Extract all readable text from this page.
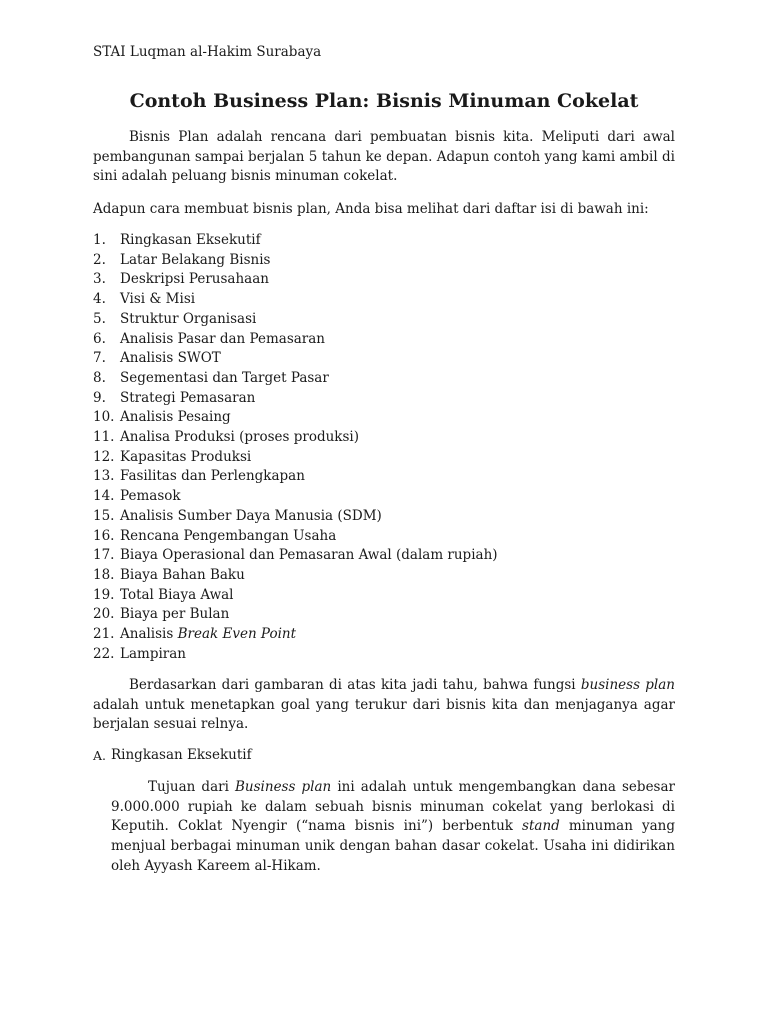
STAI Luqman al-Hakim Surabaya
Contoh Business Plan: Bisnis Minuman Cokelat
Bisnis Plan adalah rencana dari pembuatan bisnis kita. Meliputi dari awal pembangunan sampai berjalan 5 tahun ke depan. Adapun contoh yang kami ambil di sini adalah peluang bisnis minuman cokelat.
Adapun cara membuat bisnis plan, Anda bisa melihat dari daftar isi di bawah ini:
1.	Ringkasan Eksekutif
2.	Latar Belakang Bisnis
3.	Deskripsi Perusahaan
4.	Visi & Misi
5.	Struktur Organisasi
6.	Analisis Pasar dan Pemasaran
7.	Analisis SWOT
8.	Segementasi dan Target Pasar
9.	Strategi Pemasaran
10. Analisis Pesaing
11. Analisa Produksi (proses produksi)
12. Kapasitas Produksi
13. Fasilitas dan Perlengkapan
14. Pemasok
15. Analisis Sumber Daya Manusia (SDM)
16. Rencana Pengembangan Usaha
17. Biaya Operasional dan Pemasaran Awal (dalam rupiah)
18. Biaya Bahan Baku
19. Total Biaya Awal
20. Biaya per Bulan
21. Analisis Break Even Point
22. Lampiran
Berdasarkan dari gambaran di atas kita jadi tahu, bahwa fungsi business plan adalah untuk menetapkan goal yang terukur dari bisnis kita dan menjaganya agar berjalan sesuai relnya.
A. Ringkasan Eksekutif
Tujuan dari Business plan ini adalah untuk mengembangkan dana sebesar 9.000.000 rupiah ke dalam sebuah bisnis minuman cokelat yang berlokasi di Keputih. Coklat Nyengir (“nama bisnis ini”) berbentuk stand minuman yang menjual berbagai minuman unik dengan bahan dasar cokelat. Usaha ini didirikan oleh Ayyash Kareem al-Hikam.
